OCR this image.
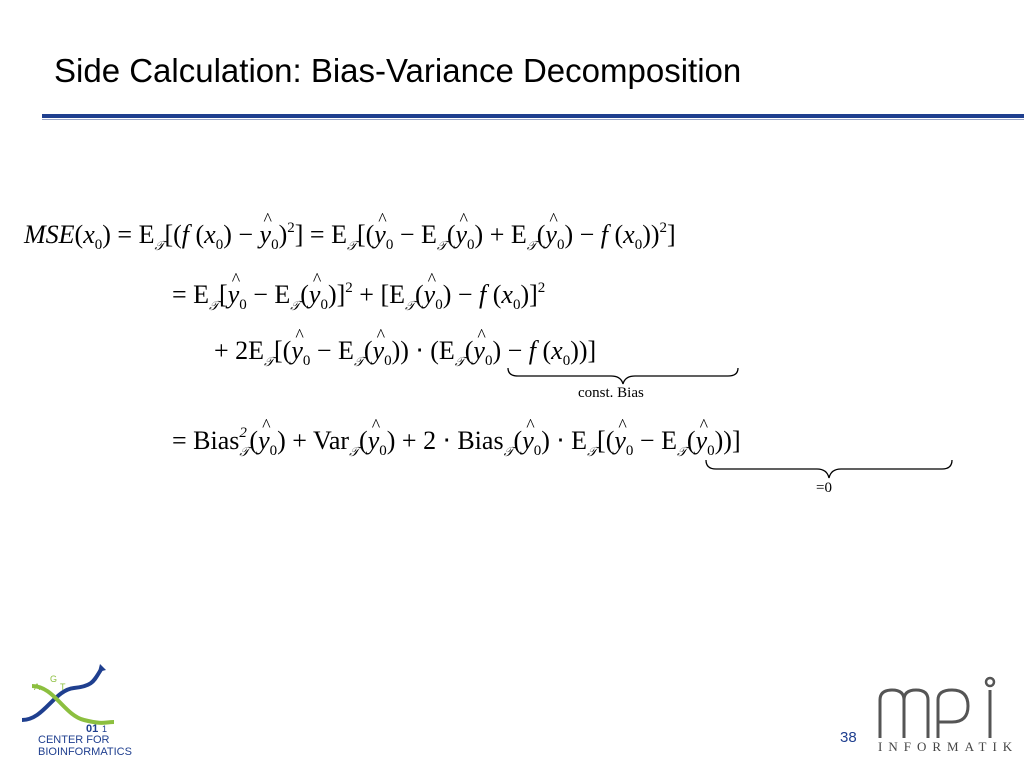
Side Calculation: Bias-Variance Decomposition
$MSE(x_0) = E_𝒯[(f$ $(x_0)$ − ^ $y_0)^2$] = $E_𝒯[(\^{}$ $y_0$ − $E_𝒯(\^{}$ $y_0$) + $E_𝒯(\^{}$ $y_0) - f$ $(x_0))^2$]
= $E_𝒯[\^{}$ $y_0$ − $E_𝒯(\^{}$ $y_0)]^2$ + [$E_𝒯(\^{}$ $y_0) - f$ $(x_0)]^2$
+ $2E_𝒯[(\^{}$ $y_0$ − $E_𝒯(\^{}$ $y_0$)) ⋅ ($E_𝒯(\^{}$ $y_0) - f$ $(x_0)$)]
const. Bias
= Bias 2
𝒯 (^ $y_0$) + Var$_𝒯$(^ $y_0) + 2$ ⋅ Bias$_𝒯$(^ $y_0$) ⋅ $E_𝒯[(\^{}$ $y_0$ − $E_𝒯(\^{}$ $y_0$))]
=0
A
G
T
01 1
CENTER FOR
BIOINFORMATICS
38
INFORMATIK
